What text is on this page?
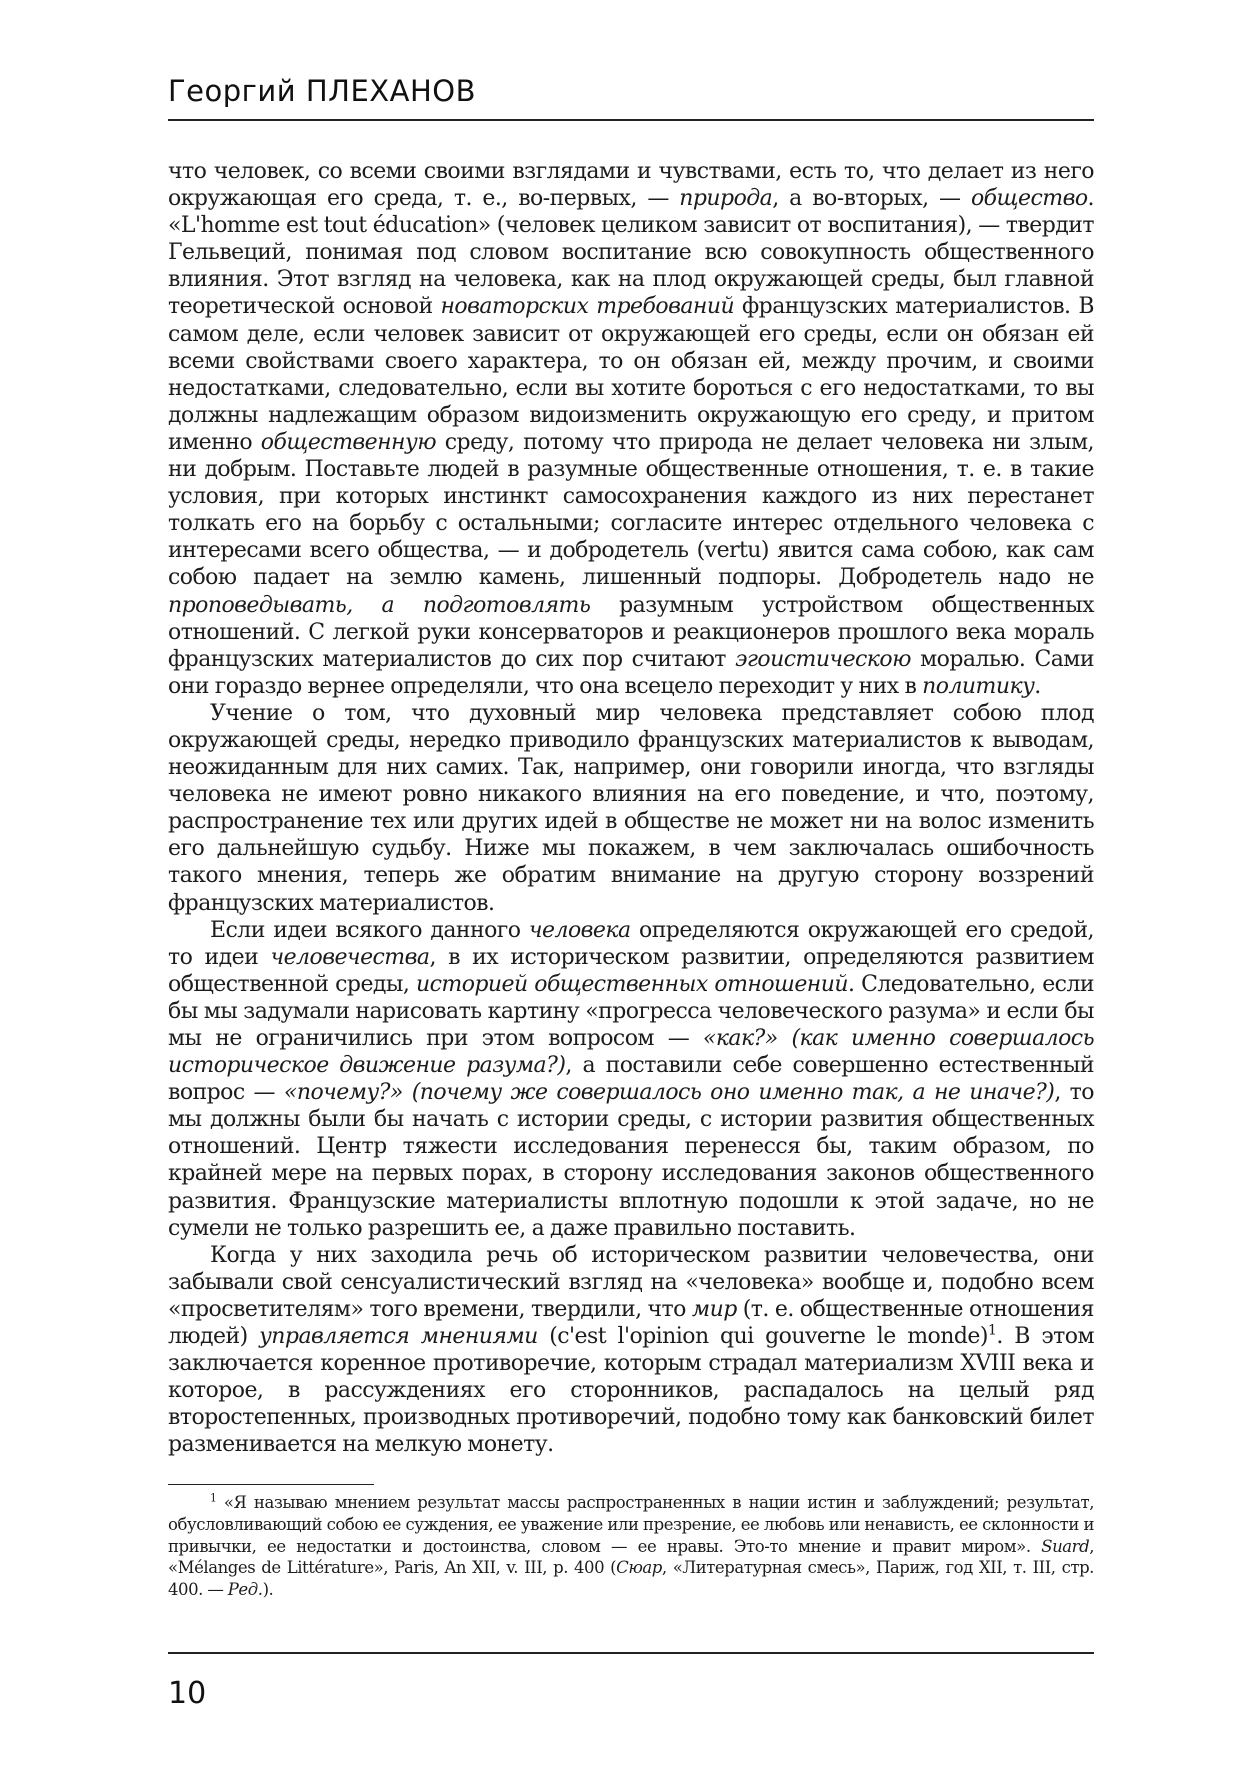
Георгий ПЛЕХАНОВ

что человек, со всеми своими взглядами и чувствами, есть то, что делает из него окружающая его среда, т. е., во-первых, — природа, а во-вторых, — общество. «L'homme est tout éducation» (человек целиком зависит от воспитания), — твердит Гельвеций, понимая под словом воспитание всю совокупность общественного влияния. Этот взгляд на человека, как на плод окружающей среды, был главной теоретической основой новаторских требований французских материалистов. В самом деле, если человек зависит от окружающей его среды, если он обязан ей всеми свойствами своего характера, то он обязан ей, между прочим, и своими недостатками, следовательно, если вы хотите бороться с его недостатками, то вы должны надлежащим образом видоизменить окружающую его среду, и притом именно общественную среду, потому что природа не делает человека ни злым, ни добрым. Поставьте людей в разумные общественные отношения, т. е. в такие условия, при которых инстинкт самосохранения каждого из них перестанет толкать его на борьбу с остальными; согласите интерес отдельного человека с интересами всего общества, — и добродетель (vertu) явится сама собою, как сам собою падает на землю камень, лишенный подпоры. Добродетель надо не проповедывать, а подготовлять разумным устройством общественных отношений. С легкой руки консерваторов и реакционеров прошлого века мораль французских материалистов до сих пор считают эгоистическою моралью. Сами они гораздо вернее определяли, что она всецело переходит у них в политику.

Учение о том, что духовный мир человека представляет собою плод окружающей среды, нередко приводило французских материалистов к выводам, неожиданным для них самих. Так, например, они говорили иногда, что взгляды человека не имеют ровно никакого влияния на его поведение, и что, поэтому, распространение тех или других идей в обществе не может ни на волос изменить его дальнейшую судьбу. Ниже мы покажем, в чем заключалась ошибочность такого мнения, теперь же обратим внимание на другую сторону воззрений французских материалистов.

Если идеи всякого данного человека определяются окружающей его средой, то идеи человечества, в их историческом развитии, определяются развитием общественной среды, историей общественных отношений. Следовательно, если бы мы задумали нарисовать картину «прогресса человеческого разума» и если бы мы не ограничились при этом вопросом — «как?» (как именно совершалось историческое движение разума?), а поставили себе совершенно естественный вопрос — «почему?» (почему же совершалось оно именно так, а не иначе?), то мы должны были бы начать с истории среды, с истории развития общественных отношений. Центр тяжести исследования перенесся бы, таким образом, по крайней мере на первых порах, в сторону исследования законов общественного развития. Французские материалисты вплотную подошли к этой задаче, но не сумели не только разрешить ее, а даже правильно поставить.

Когда у них заходила речь об историческом развитии человечества, они забывали свой сенсуалистический взгляд на «человека» вообще и, подобно всем «просветителям» того времени, твердили, что мир (т. е. общественные отношения людей) управляется мнениями (c'est l'opinion qui gouverne le monde)$^1$. В этом заключается коренное противоречие, которым страдал материализм XVIII века и которое, в рассуждениях его сторонников, распадалось на целый ряд второстепенных, производных противоречий, подобно тому как банковский билет разменивается на мелкую монету.

$^1$ «Я называю мнением результат массы распространенных в нации истин и заблуждений; результат, обусловливающий собою ее суждения, ее уважение или презрение, ее любовь или ненависть, ее склонности и привычки, ее недостатки и достоинства, словом — ее нравы. Это-то мнение и правит миром». Suard, «Mélanges de Littérature», Paris, An XII, v. III, p. 400 (Сюар, «Литературная смесь», Париж, год XII, т. III, стр. 400. — Ред.).
10
